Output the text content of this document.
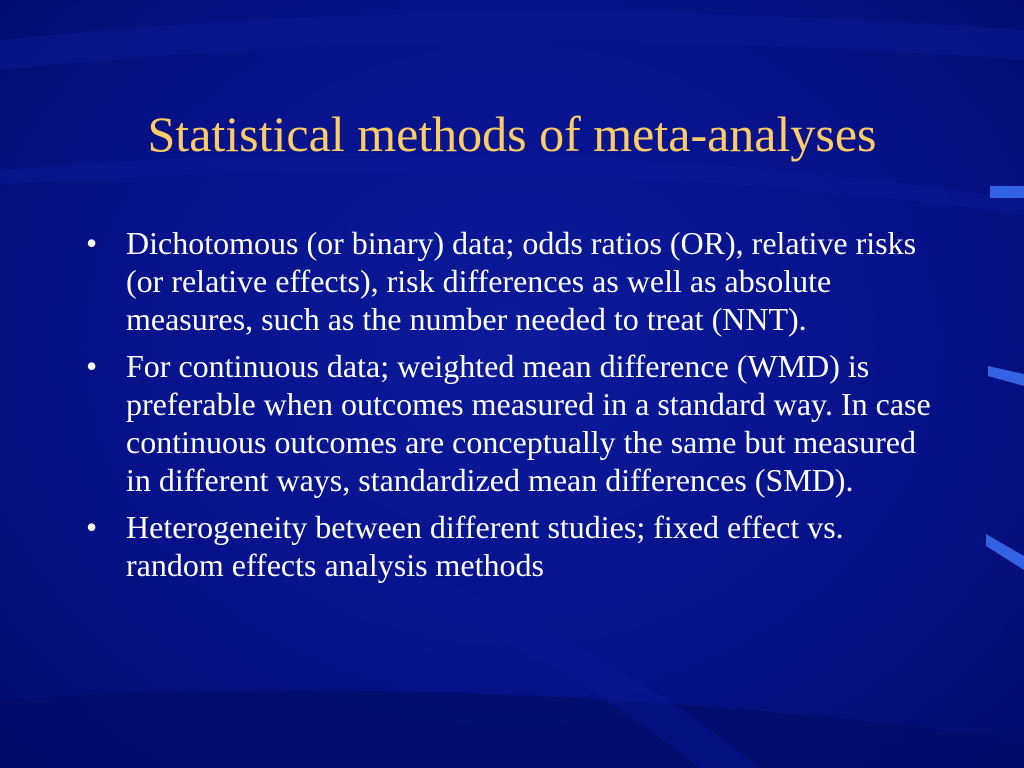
Statistical methods of meta-analyses
• Dichotomous (or binary) data; odds ratios (OR), relative risks (or relative effects), risk differences as well as absolute measures, such as the number needed to treat (NNT).
• For continuous data; weighted mean difference (WMD) is preferable when outcomes measured in a standard way. In case continuous outcomes are conceptually the same but measured in different ways, standardized mean differences (SMD).
• Heterogeneity between different studies; fixed effect vs. random effects analysis methods
